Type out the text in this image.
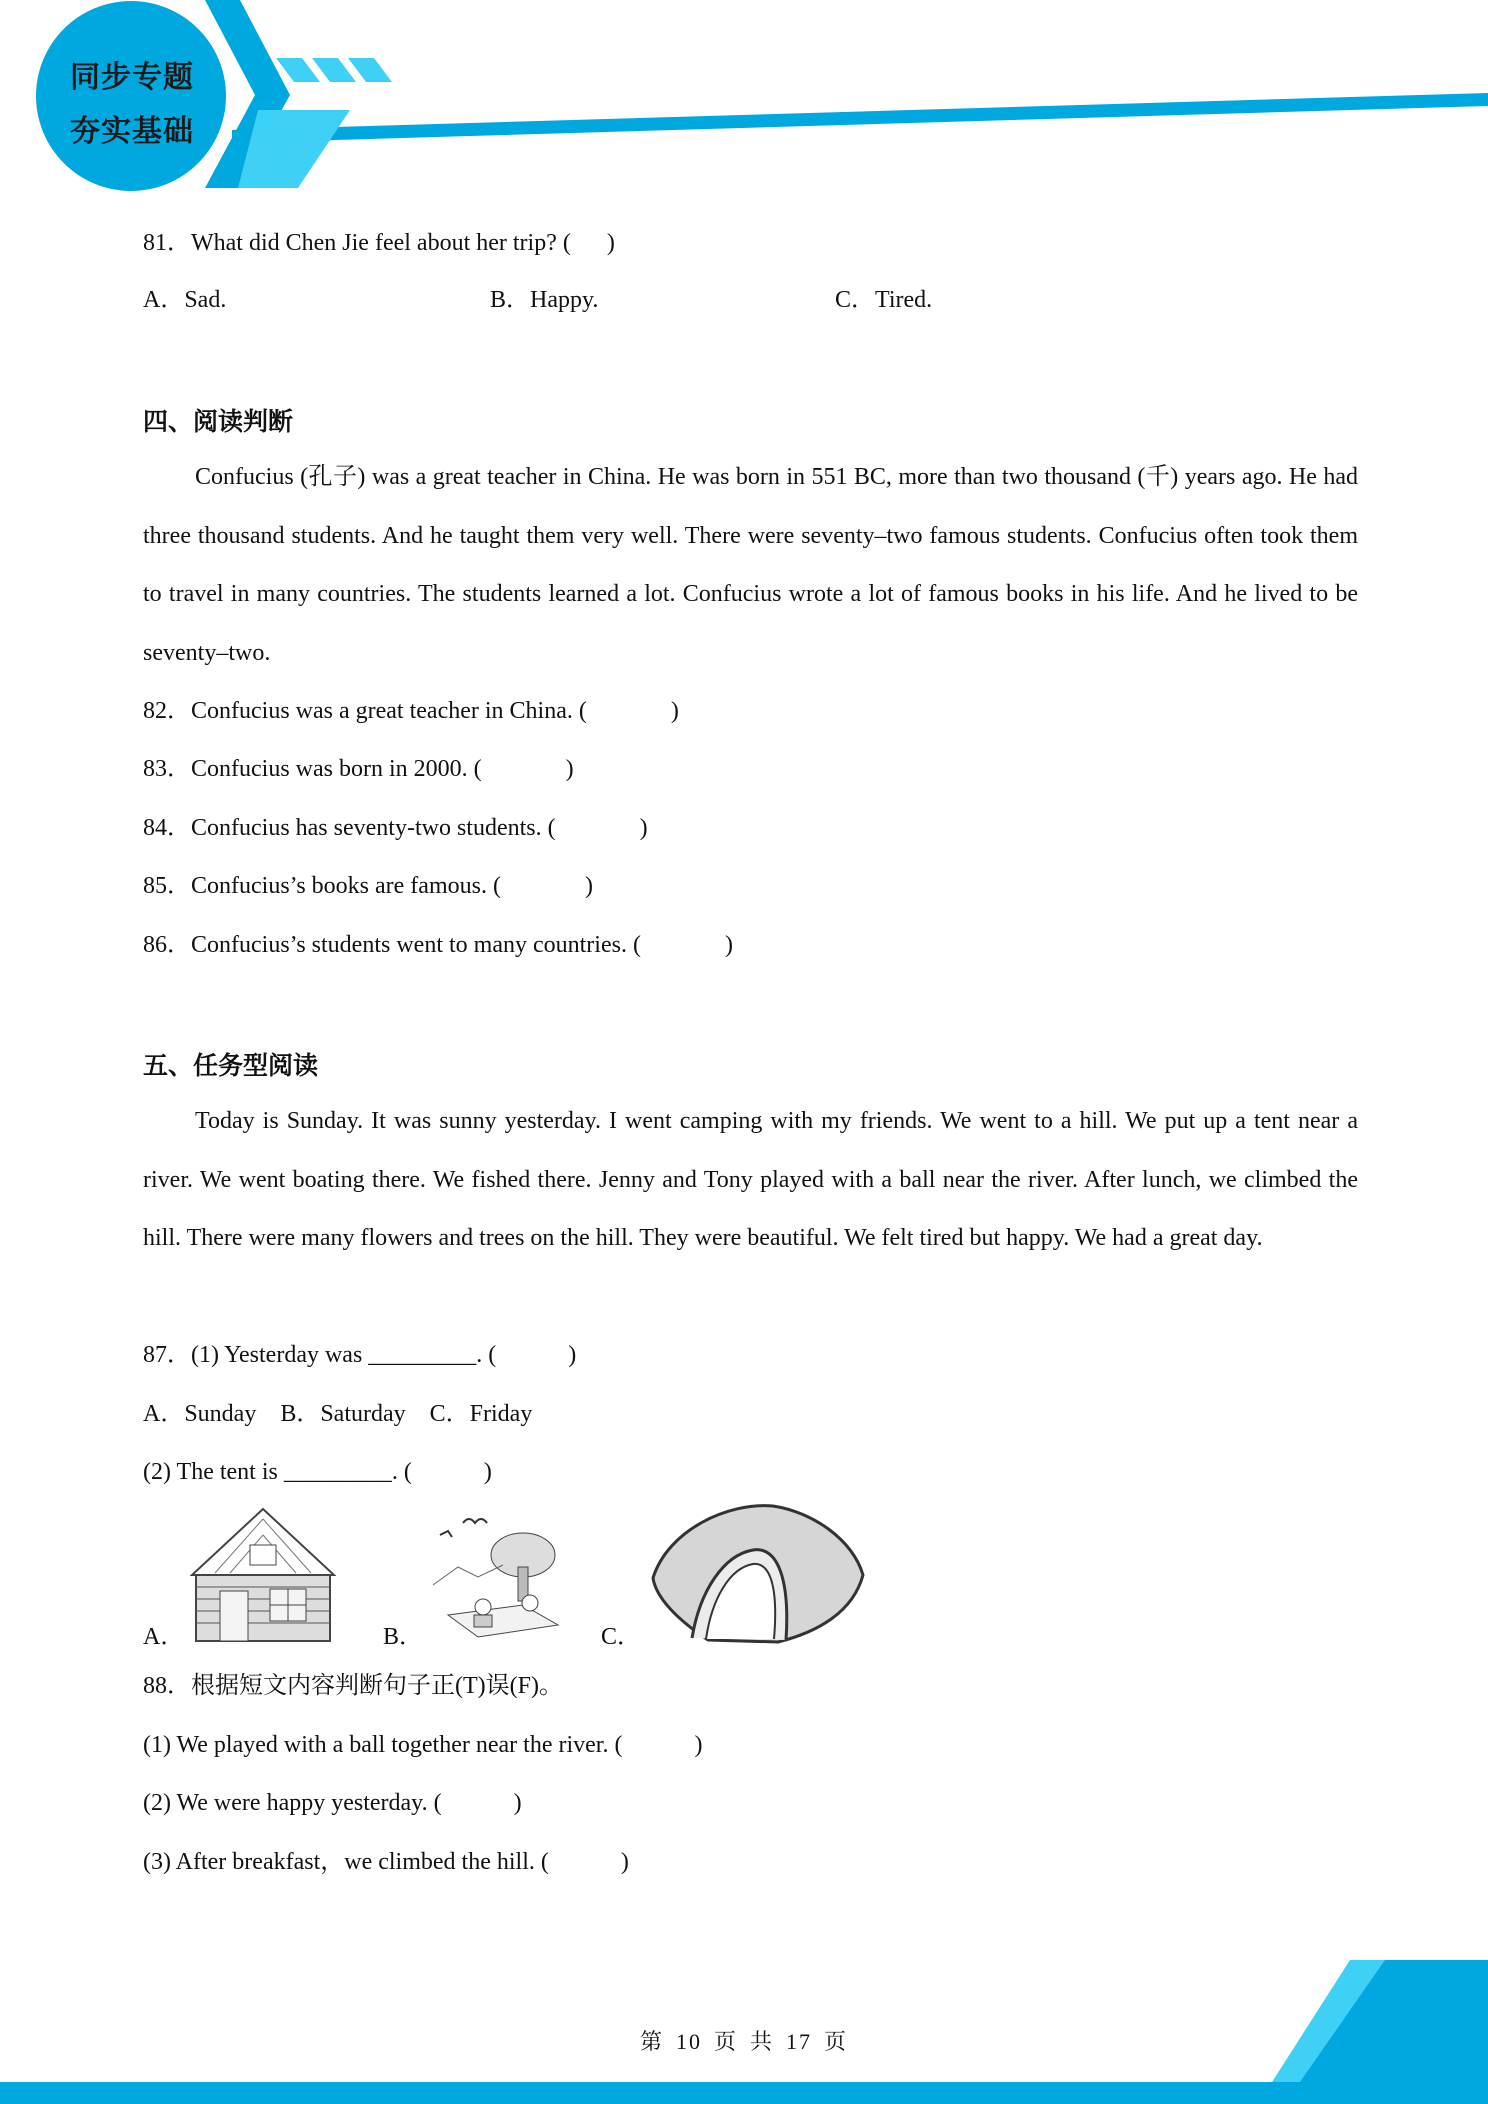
同步专题
夯实基础
81．What did Chen Jie feel about her trip? (      )
A．Sad.	B．Happy.	C．Tired.
四、阅读判断
Confucius (孔子) was a great teacher in China. He was born in 551 BC, more than two thousand (千) years ago. He had three thousand students. And he taught them very well. There were seventy–two famous students. Confucius often took them to travel in many countries. The students learned a lot. Confucius wrote a lot of famous books in his life. And he lived to be seventy–two.
82．Confucius was a great teacher in China. (              )
83．Confucius was born in 2000. (              )
84．Confucius has seventy-two students. (              )
85．Confucius’s books are famous. (              )
86．Confucius’s students went to many countries. (              )
五、任务型阅读
Today is Sunday. It was sunny yesterday. I went camping with my friends. We went to a hill. We put up a tent near a river. We went boating there. We fished there. Jenny and Tony played with a ball near the river. After lunch, we climbed the hill. There were many flowers and trees on the hill. They were beautiful. We felt tired but happy. We had a great day.
87．(1) Yesterday was _________. (            )
A．Sunday    B．Saturday    C．Friday
(2) The tent is _________. (            )
A．	B．	C．
88．根据短文内容判断句子正(T)误(F)。
(1) We played with a ball together near the river. (            )
(2) We were happy yesterday. (            )
(3) After breakfast，we climbed the hill. (            )
第 10 页 共 17 页
